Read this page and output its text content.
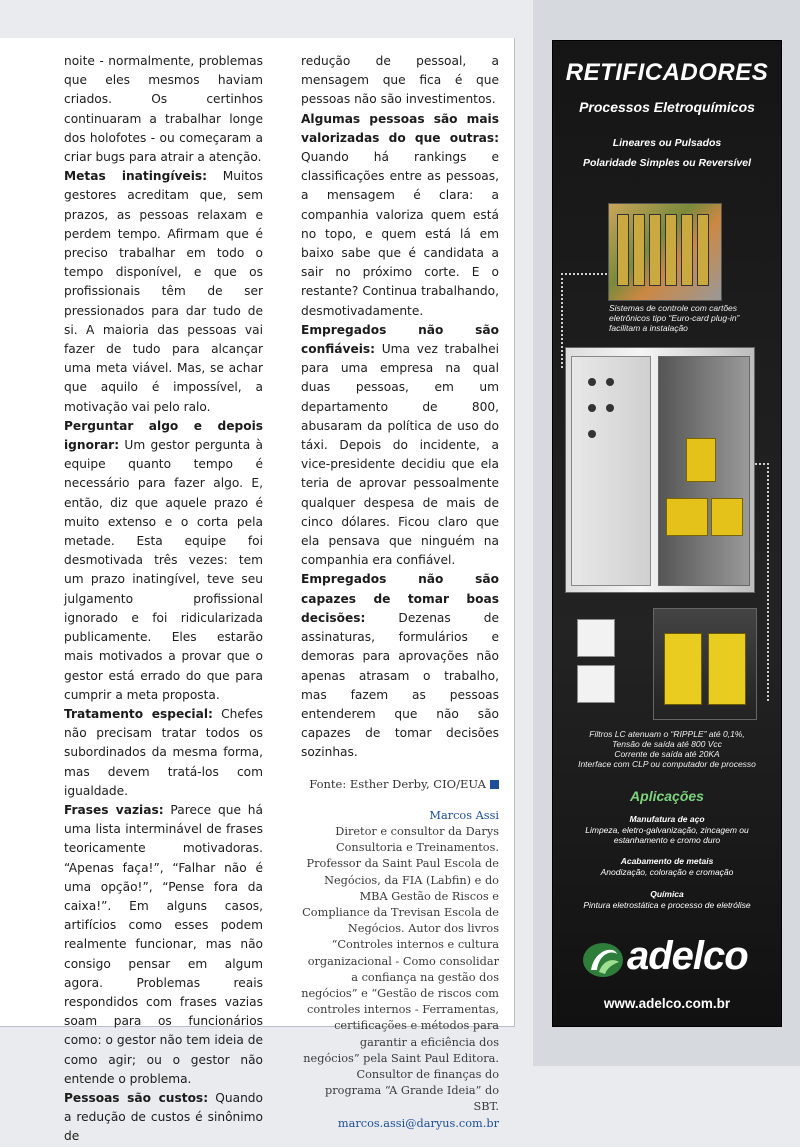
noite - normalmente, problemas que eles mesmos haviam criados. Os certinhos continuaram a trabalhar longe dos holofotes - ou começaram a criar bugs para atrair a atenção.

Metas inatingíveis: Muitos gestores acreditam que, sem prazos, as pessoas relaxam e perdem tempo. Afirmam que é preciso trabalhar em todo o tempo disponível, e que os profissionais têm de ser pressionados para dar tudo de si. A maioria das pessoas vai fazer de tudo para alcançar uma meta viável. Mas, se achar que aquilo é impossível, a motivação vai pelo ralo.

Perguntar algo e depois ignorar: Um gestor pergunta à equipe quanto tempo é necessário para fazer algo. E, então, diz que aquele prazo é muito extenso e o corta pela metade. Esta equipe foi desmotivada três vezes: tem um prazo inatingível, teve seu julgamento profissional ignorado e foi ridicularizada publicamente. Eles estarão mais motivados a provar que o gestor está errado do que para cumprir a meta proposta.

Tratamento especial: Chefes não precisam tratar todos os subordinados da mesma forma, mas devem tratá-los com igualdade.

Frases vazias: Parece que há uma lista interminável de frases teoricamente motivadoras. “Apenas faça!”, “Falhar não é uma opção!”, “Pense fora da caixa!”. Em alguns casos, artifícios como esses podem realmente funcionar, mas não consigo pensar em algum agora. Problemas reais respondidos com frases vazias soam para os funcionários como: o gestor não tem ideia de como agir; ou o gestor não entende o problema.

Pessoas são custos: Quando a redução de custos é sinônimo de

redução de pessoal, a mensagem que fica é que pessoas não são investimentos.

Algumas pessoas são mais valorizadas do que outras: Quando há rankings e classificações entre as pessoas, a mensagem é clara: a companhia valoriza quem está no topo, e quem está lá em baixo sabe que é candidata a sair no próximo corte. E o restante? Continua trabalhando, desmotivadamente.

Empregados não são confiáveis: Uma vez trabalhei para uma empresa na qual duas pessoas, em um departamento de 800, abusaram da política de uso do táxi. Depois do incidente, a vice-presidente decidiu que ela teria de aprovar pessoalmente qualquer despesa de mais de cinco dólares. Ficou claro que ela pensava que ninguém na companhia era confiável.

Empregados não são capazes de tomar boas decisões: Dezenas de assinaturas, formulários e demoras para aprovações não apenas atrasam o trabalho, mas fazem as pessoas entenderem que não são capazes de tomar decisões sozinhas.

Fonte: Esther Derby, CIO/EUA

Marcos Assi
Diretor e consultor da Darys Consultoria e Treinamentos. Professor da Saint Paul Escola de Negócios, da FIA (Labfin) e do MBA Gestão de Riscos e Compliance da Trevisan Escola de Negócios. Autor dos livros “Controles internos e cultura organizacional - Como consolidar a confiança na gestão dos negócios” e “Gestão de riscos com controles internos - Ferramentas, certificações e métodos para garantir a eficiência dos negócios” pela Saint Paul Editora. Consultor de finanças do programa “A Grande Ideia” do SBT.
marcos.assi@daryus.com.br

RETIFICADORES
Processos Eletroquímicos
Lineares ou Pulsados
Polaridade Simples ou Reversível
Sistemas de controle com cartões eletrônicos tipo “Euro-card plug-in” facilitam a instalação
Filtros LC atenuam o “RIPPLE” até 0,1%,
Tensão de saída até 800 Vcc
Corrente de saída até 20KA
Interface com CLP ou computador de processo
Aplicações
Manufatura de aço
Limpeza, eletro-galvanização, zincagem ou estanhamento e cromo duro
Acabamento de metais
Anodização, coloração e cromação
Química
Pintura eletrostática e processo de eletrólise
adelco
www.adelco.com.br
